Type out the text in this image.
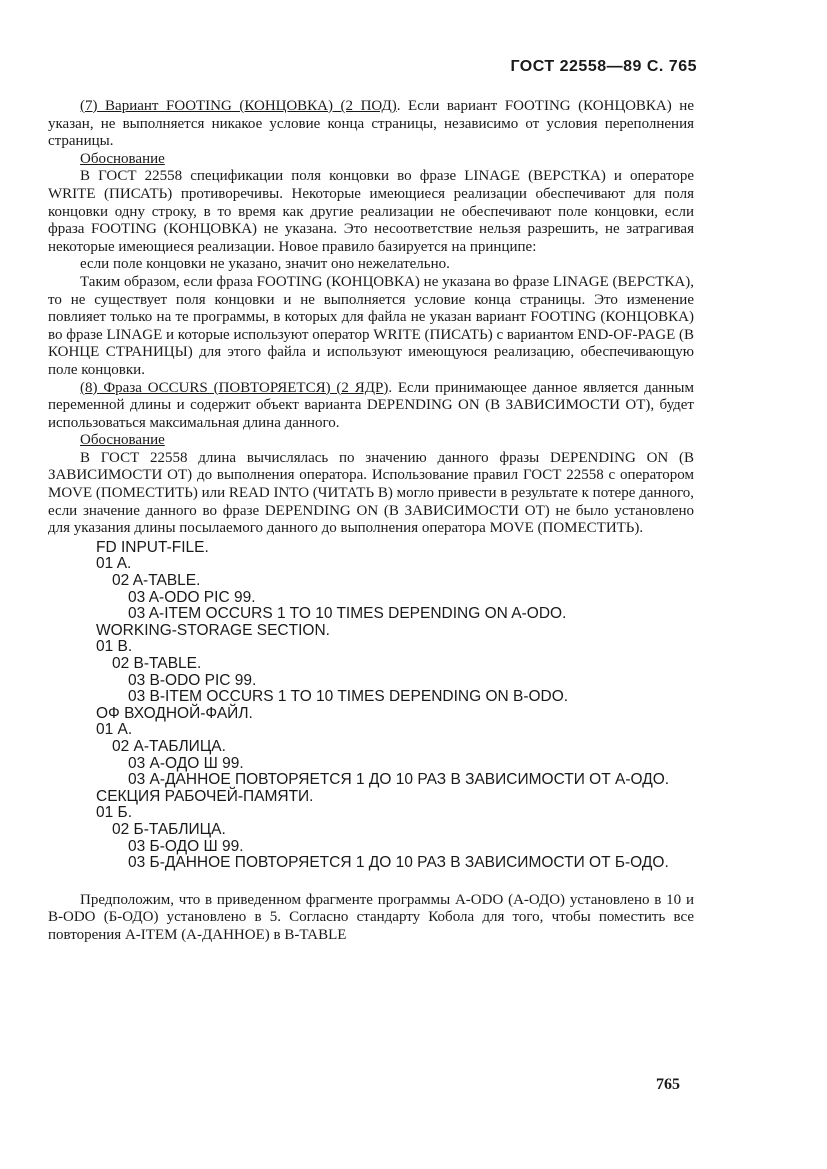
ГОСТ 22558—89 С. 765

(7) Вариант FOOTING (КОНЦОВКА) (2 ПОД). Если вариант FOOTING (КОНЦОВКА) не указан, не выполняется никакое условие конца страницы, независимо от условия переполнения страницы.

Обоснование

В ГОСТ 22558 спецификации поля концовки во фразе LINAGE (ВЕРСТКА) и операторе WRITE (ПИСАТЬ) противоречивы. Некоторые имеющиеся реализации обеспечивают для поля концовки одну строку, в то время как другие реализации не обеспечивают поле концовки, если фраза FOOTING (КОНЦОВКА) не указана. Это несоответствие нельзя разрешить, не затрагивая некоторые имеющиеся реализации. Новое правило базируется на принципе:

если поле концовки не указано, значит оно нежелательно.

Таким образом, если фраза FOOTING (КОНЦОВКА) не указана во фразе LINAGE (ВЕРСТКА), то не существует поля концовки и не выполняется условие конца страницы. Это изменение повлияет только на те программы, в которых для файла не указан вариант FOOTING (КОНЦОВКА) во фразе LINAGE и которые используют оператор WRITE (ПИСАТЬ) с вариантом END-OF-PAGE (В КОНЦЕ СТРАНИЦЫ) для этого файла и используют имеющуюся реализацию, обеспечивающую поле концовки.

(8) Фраза OCCURS (ПОВТОРЯЕТСЯ) (2 ЯДР). Если принимающее данное является данным переменной длины и содержит объект варианта DEPENDING ON (В ЗАВИСИМОСТИ ОТ), будет использоваться максимальная длина данного.

Обоснование

В ГОСТ 22558 длина вычислялась по значению данного фразы DEPENDING ON (В ЗАВИСИМОСТИ ОТ) до выполнения оператора. Использование правил ГОСТ 22558 с оператором MOVE (ПОМЕСТИТЬ) или READ INTO (ЧИТАТЬ В) могло привести в результате к потере данного, если значение данного во фразе DEPENDING ON (В ЗАВИСИМОСТИ ОТ) не было установлено для указания длины посылаемого данного до выполнения оператора MOVE (ПОМЕСТИТЬ).

FD INPUT-FILE.
01 A.
02 A-TABLE.
03 A-ODO PIC 99.
03 A-ITEM OCCURS 1 TO 10 TIMES DEPENDING ON A-ODO.
WORKING-STORAGE SECTION.
01 B.
02 B-TABLE.
03 B-ODO PIC 99.
03 B-ITEM OCCURS 1 TO 10 TIMES DEPENDING ON B-ODO.
ОФ ВХОДНОЙ-ФАЙЛ.
01 А.
02 А-ТАБЛИЦА.
03 А-ОДО Ш 99.
03 А-ДАННОЕ ПОВТОРЯЕТСЯ 1 ДО 10 РАЗ В ЗАВИСИМОСТИ ОТ А-ОДО.
СЕКЦИЯ РАБОЧЕЙ-ПАМЯТИ.
01 Б.
02 Б-ТАБЛИЦА.
03 Б-ОДО Ш 99.
03 Б-ДАННОЕ ПОВТОРЯЕТСЯ 1 ДО 10 РАЗ В ЗАВИСИМОСТИ ОТ Б-ОДО.

Предположим, что в приведенном фрагменте программы A-ODO (А-ОДО) установлено в 10 и B-ODO (Б-ОДО) установлено в 5. Согласно стандарту Кобола для того, чтобы поместить все повторения A-ITEM (А-ДАННОЕ) в B-TABLE

765
